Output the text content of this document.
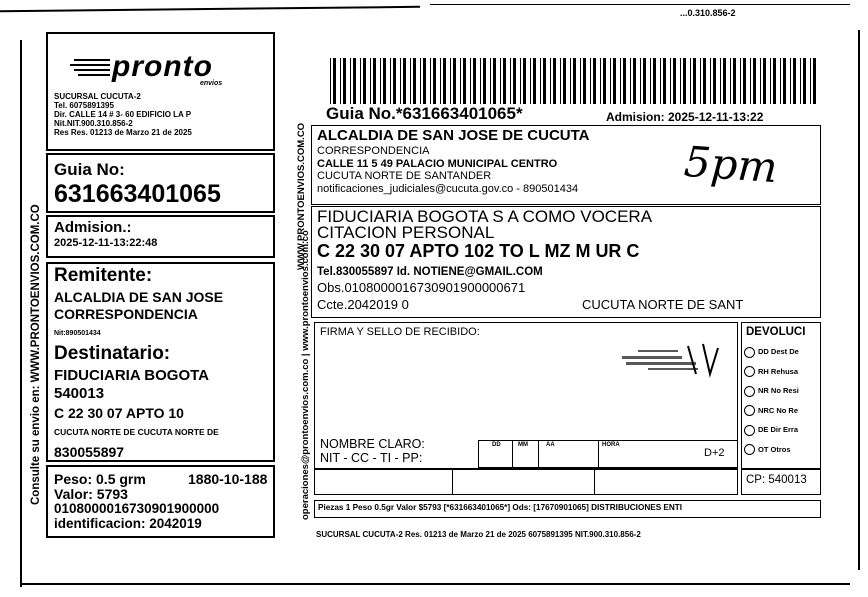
...0.310.856-2
Consulte su envio en: WWW.PRONTOENVIOS.COM.CO
pronto
envios
SUCURSAL CUCUTA-2
Tel. 6075891395
Dir. CALLE 14 # 3- 60 EDIFICIO LA P
Nit.NIT.900.310.856-2
Res Res. 01213 de Marzo 21 de 2025
Guia No:
631663401065
Admision.:
2025-12-11-13:22:48
Remitente:
ALCALDIA DE SAN JOSE
CORRESPONDENCIA
Nit:890501434
Destinatario:
FIDUCIARIA BOGOTA
540013
C 22 30 07 APTO 10
CUCUTA NORTE DE CUCUTA NORTE DE
830055897
Peso: 0.5 grm	1880-10-188
Valor: 5793
0108000016730901900000
identificacion: 2042019
WWW.PRONTOENVIOS.COM.CO
operaciones@prontoenvios.com.co | www.prontoenvios.com.co
Guia No.*631663401065*	Admision: 2025-12-11-13:22
ALCALDIA DE SAN JOSE DE CUCUTA
CORRESPONDENCIA
CALLE 11 5 49 PALACIO MUNICIPAL CENTRO
CUCUTA NORTE DE SANTANDER
notificaciones_judiciales@cucuta.gov.co - 890501434 5pm
FIDUCIARIA BOGOTA S A COMO VOCERA
CITACION PERSONAL
C 22 30 07 APTO 102 TO L MZ M UR C
Tel.830055897 Id. NOTIENE@GMAIL.COM
Obs.0108000016730901900000671
Ccte.2042019 0	CUCUTA NORTE DE SANT
FIRMA Y SELLO DE RECIBIDO:
NOMBRE CLARO:
NIT - CC - TI - PP:
DD	MM	AA	HORA
D+2
DEVOLUCI
DD Dest De
RH Rehusa
NR No Resi
NRC No Re
DE Dir Erra
OT Otros
CP: 540013
Piezas 1 Peso 0.5gr Valor $5793 [*631663401065*] Ods: [17670901065] DISTRIBUCIONES ENTI
SUCURSAL CUCUTA-2 Res. 01213 de Marzo 21 de 2025 6075891395 NIT.900.310.856-2
